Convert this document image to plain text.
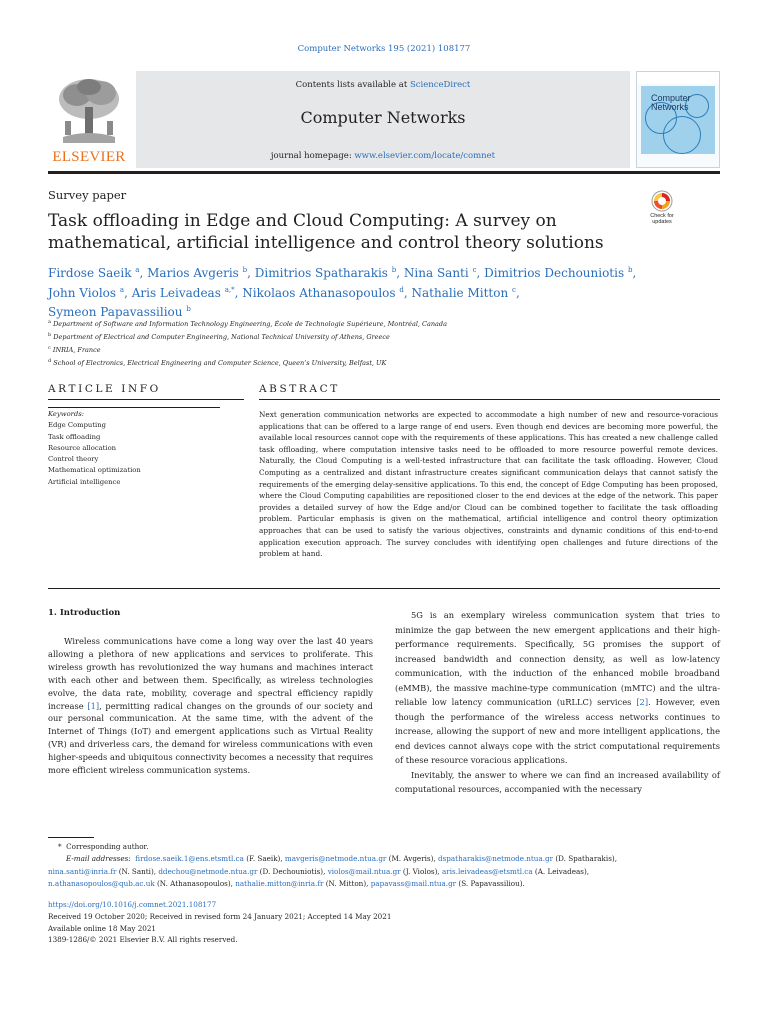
Computer Networks 195 (2021) 108177
ELSEVIER
Contents lists available at ScienceDirect
Computer Networks
journal homepage: www.elsevier.com/locate/comnet
Computer
Networks
Survey paper
Task offloading in Edge and Cloud Computing: A survey on mathematical, artificial intelligence and control theory solutions
Check for
updates
Firdose Saeik $^a$, Marios Avgeris $^b$, Dimitrios Spatharakis $^b$, Nina Santi $^c$, Dimitrios Dechouniotis $^b$,
John Violos $^a$, Aris Leivadeas $^{a,*}$, Nikolaos Athanasopoulos $^d$, Nathalie Mitton $^c$,
Symeon Papavassiliou $^b$
$^a$ Department of Software and Information Technology Engineering, École de Technologie Supérieure, Montréal, Canada
$^b$ Department of Electrical and Computer Engineering, National Technical University of Athens, Greece
$^c$ INRIA, France
$^d$ School of Electronics, Electrical Engineering and Computer Science, Queen’s University, Belfast, UK
ARTICLE INFO	ABSTRACT
Keywords:
Edge Computing
Task offloading
Resource allocation
Control theory
Mathematical optimization
Artificial intelligence
Next generation communication networks are expected to accommodate a high number of new and resource-voracious applications that can be offered to a large range of end users. Even though end devices are becoming more powerful, the available local resources cannot cope with the requirements of these applications. This has created a new challenge called task offloading, where computation intensive tasks need to be offloaded to more resource powerful remote devices. Naturally, the Cloud Computing is a well-tested infrastructure that can facilitate the task offloading. However, Cloud Computing as a centralized and distant infrastructure creates significant communication delays that cannot satisfy the requirements of the emerging delay-sensitive applications. To this end, the concept of Edge Computing has been proposed, where the Cloud Computing capabilities are repositioned closer to the end devices at the edge of the network. This paper provides a detailed survey of how the Edge and/or Cloud can be combined together to facilitate the task offloading problem. Particular emphasis is given on the mathematical, artificial intelligence and control theory optimization approaches that can be used to satisfy the various objectives, constraints and dynamic conditions of this end-to-end application execution approach. The survey concludes with identifying open challenges and future directions of the problem at hand.
1. Introduction

Wireless communications have come a long way over the last 40 years allowing a plethora of new applications and services to proliferate. This wireless growth has revolutionized the way humans and machines interact with each other and between them. Specifically, as wireless technologies evolve, the data rate, mobility, coverage and spectral efficiency rapidly increase [1], permitting radical changes on the grounds of our society and our personal communication. At the same time, with the advent of the Internet of Things (IoT) and emergent applications such as Virtual Reality (VR) and driverless cars, the demand for wireless communications with even higher-speeds and ubiquitous connectivity becomes a necessity that requires more efficient wireless communication systems.

5G is an exemplary wireless communication system that tries to minimize the gap between the new emergent applications and their high-performance requirements. Specifically, 5G promises the support of increased bandwidth and connection density, as well as low-latency communication, with the induction of the enhanced mobile broadband (eMMB), the massive machine-type communication (mMTC) and the ultra-reliable low latency communication (uRLLC) services [2]. However, even though the performance of the wireless access networks continues to increase, allowing the support of new and more intelligent applications, the end devices cannot always cope with the strict computational requirements of these resource voracious applications.

Inevitably, the answer to where we can find an increased availability of computational resources, accompanied with the necessary

* Corresponding author.
E-mail addresses: firdose.saeik.1@ens.etsmtl.ca (F. Saeik), mavgeris@netmode.ntua.gr (M. Avgeris), dspatharakis@netmode.ntua.gr (D. Spatharakis),
nina.santi@inria.fr (N. Santi), ddechou@netmode.ntua.gr (D. Dechouniotis), violos@mail.ntua.gr (J. Violos), aris.leivadeas@etsmtl.ca (A. Leivadeas),
n.athanasopoulos@qub.ac.uk (N. Athanasopoulos), nathalie.mitton@inria.fr (N. Mitton), papavass@mail.ntua.gr (S. Papavassiliou).
https://doi.org/10.1016/j.comnet.2021.108177
Received 19 October 2020; Received in revised form 24 January 2021; Accepted 14 May 2021
Available online 18 May 2021
1389-1286/© 2021 Elsevier B.V. All rights reserved.
